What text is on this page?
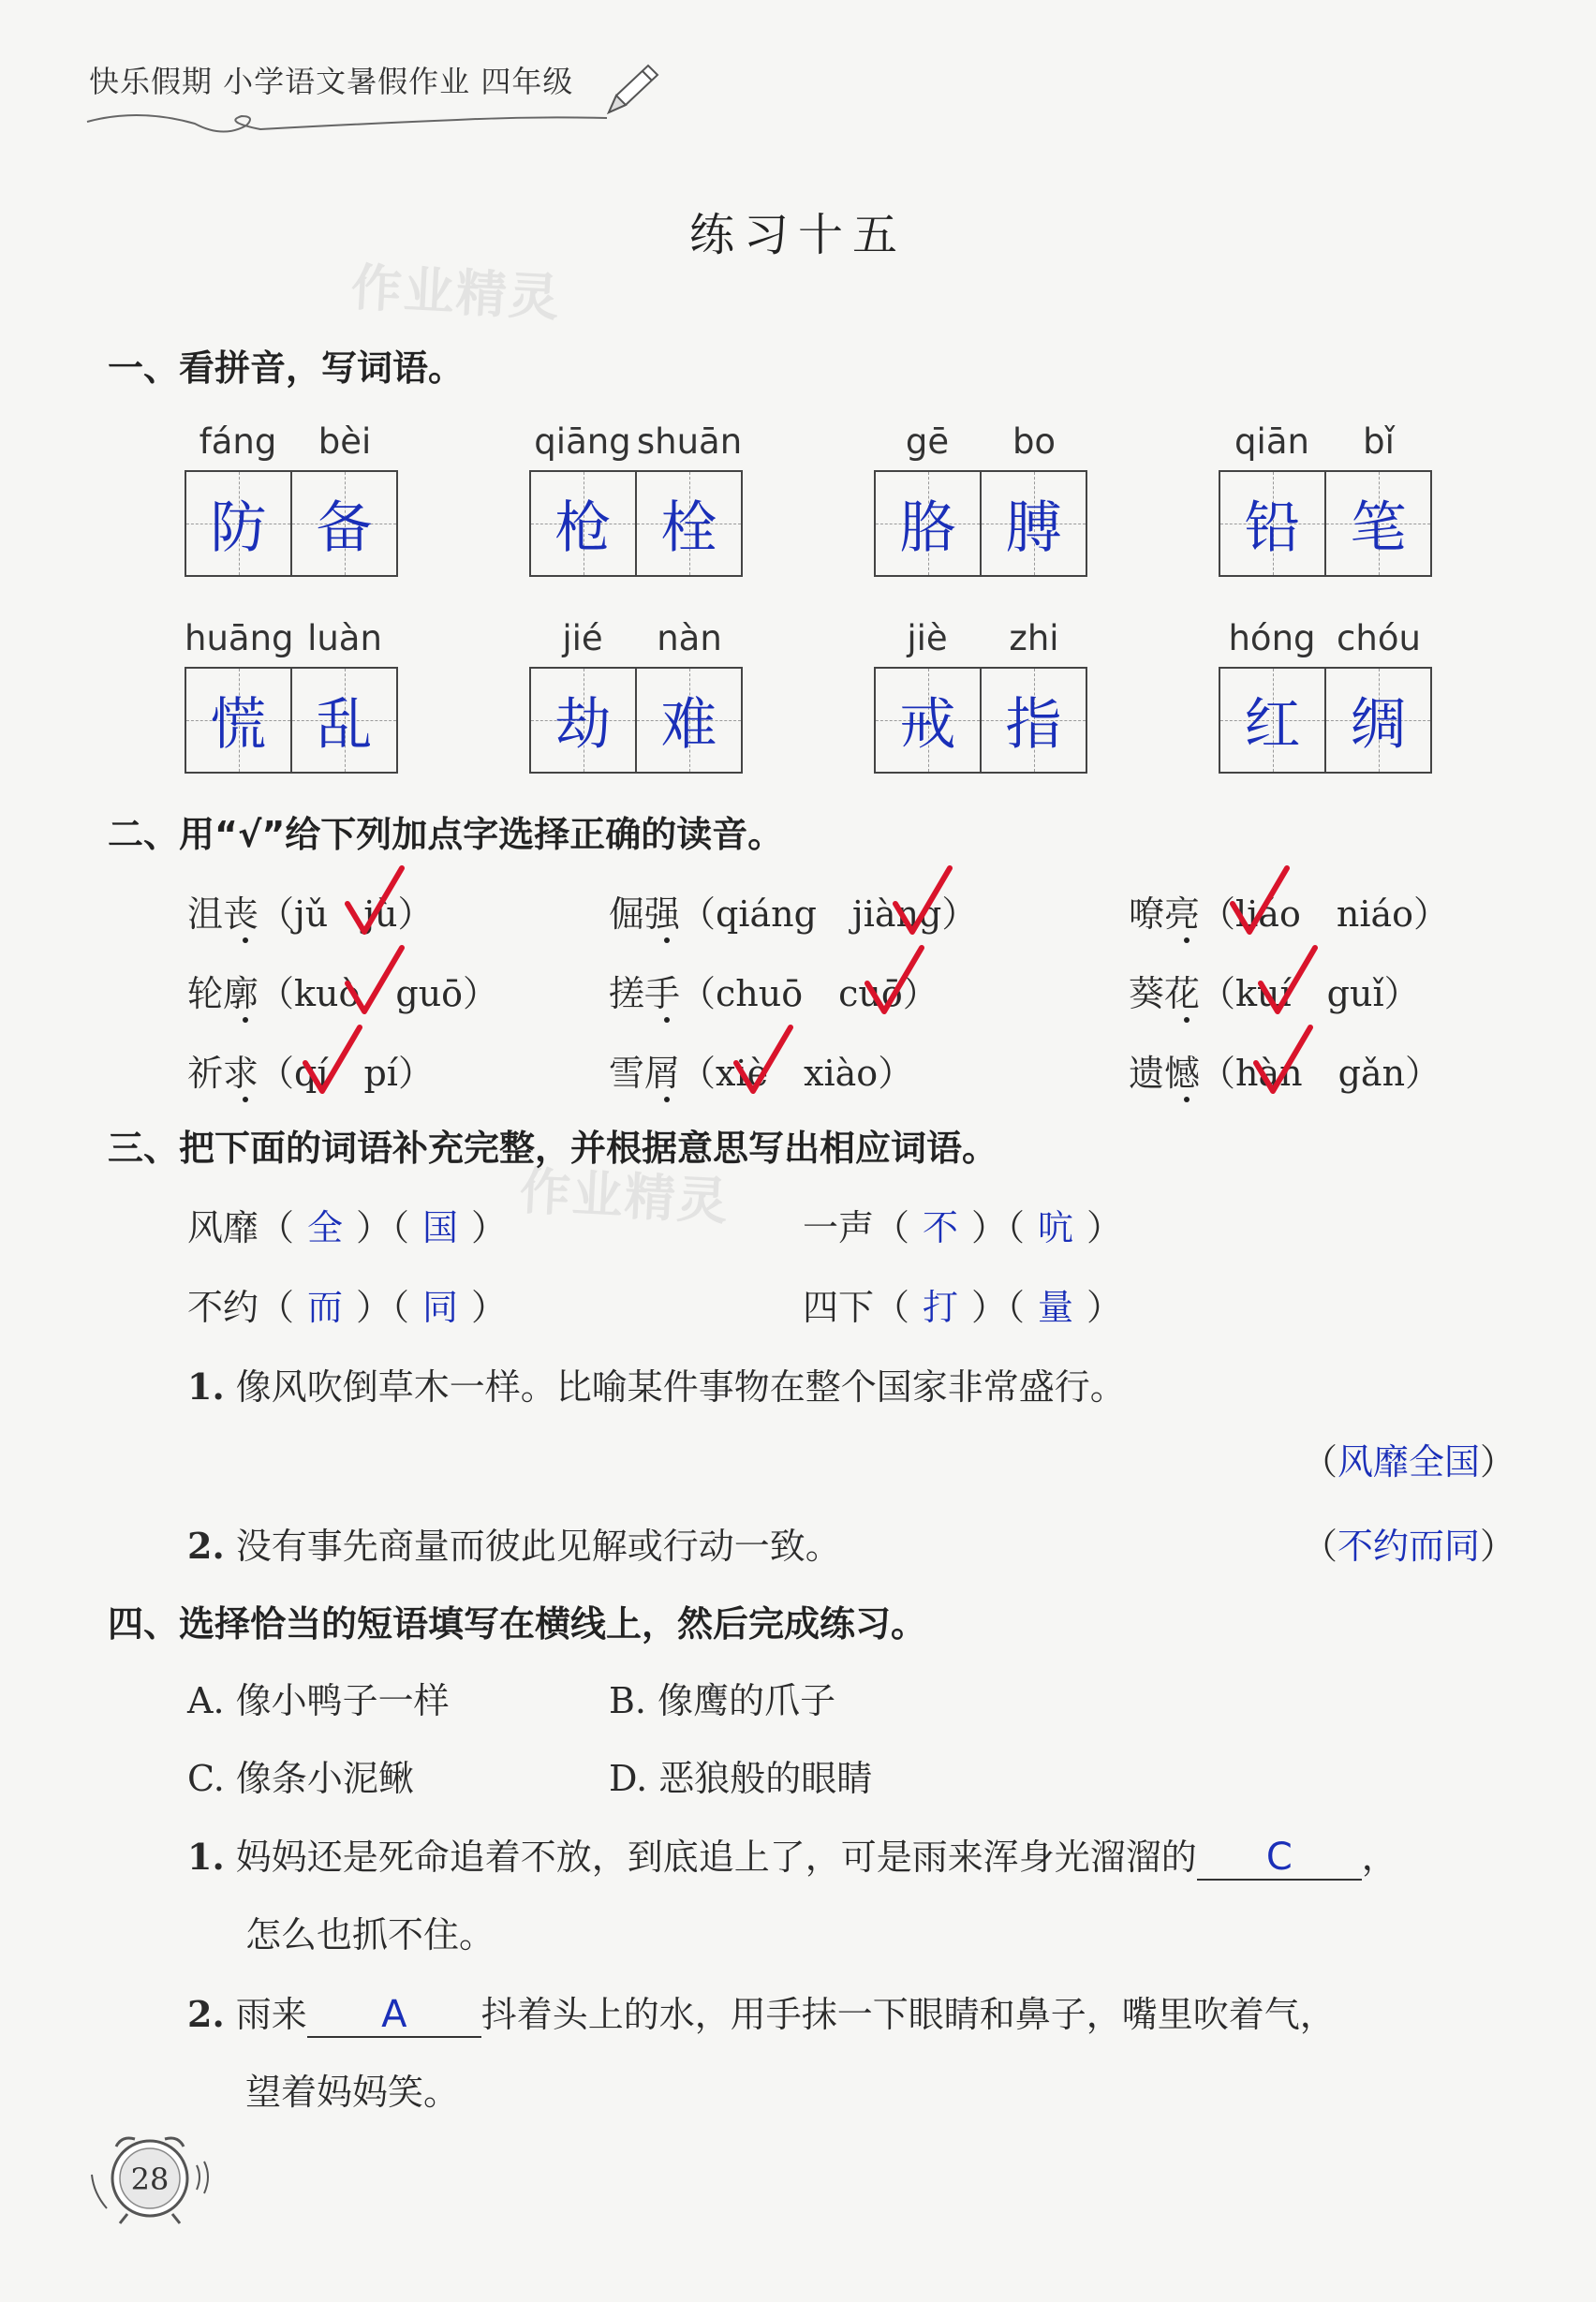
快乐假期 小学语文暑假作业 四年级
作业精灵
作业精灵
练习十五
一、看拼音，写词语。
fáng bèi
防 备
qiāng shuān
枪 栓
gē bo
胳 膊
qiān bǐ
铅 笔
huāng luàn
慌 乱
jié nàn
劫 难
jiè zhi
戒 指
hóng chóu
红 绸
二、用“√”给下列加点字选择正确的读音。
沮丧（jǔ　jù）	倔强（qiáng　jiàng）	嘹亮（liáo　niáo）
轮廓（kuò　guō）	搓手（chuō　cuō）	葵花（kuí　guǐ）
祈求（qí　pí）	雪屑（xiè　xiào）	遗憾（hàn　gǎn）
三、把下面的词语补充完整，并根据意思写出相应词语。
风靡（ 全 ）（ 国 ）	一声（ 不 ）（ 吭 ）
不约（ 而 ）（ 同 ）	四下（ 打 ）（ 量 ）
1. 像风吹倒草木一样。比喻某件事物在整个国家非常盛行。
（风靡全国）
2. 没有事先商量而彼此见解或行动一致。	（不约而同）
四、选择恰当的短语填写在横线上，然后完成练习。
A. 像小鸭子一样	B. 像鹰的爪子
C. 像条小泥鳅	D. 恶狼般的眼睛
1. 妈妈还是死命追着不放，到底追上了，可是雨来浑身光溜溜的 C ，
怎么也抓不住。
2. 雨来 A 抖着头上的水，用手抹一下眼睛和鼻子，嘴里吹着气，
望着妈妈笑。
28
